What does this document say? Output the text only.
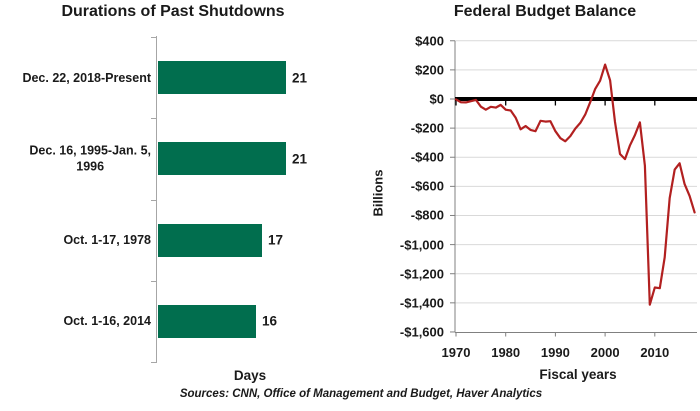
Durations of Past Shutdowns	Federal Budget Balance
Dec. 22, 2018-Present	21
Dec. 16, 1995-Jan. 5,
1996
21
Oct. 1-17, 1978	17
Oct. 1-16, 2014	16
Days
$400
$200
$0
-$200
-$400
-$600
-$800
-$1,000
-$1,200
-$1,400
-$1,600
1970	1980	1990	2000	2010
Billions
Fiscal years
Sources: CNN, Office of Management and Budget, Haver Analytics
